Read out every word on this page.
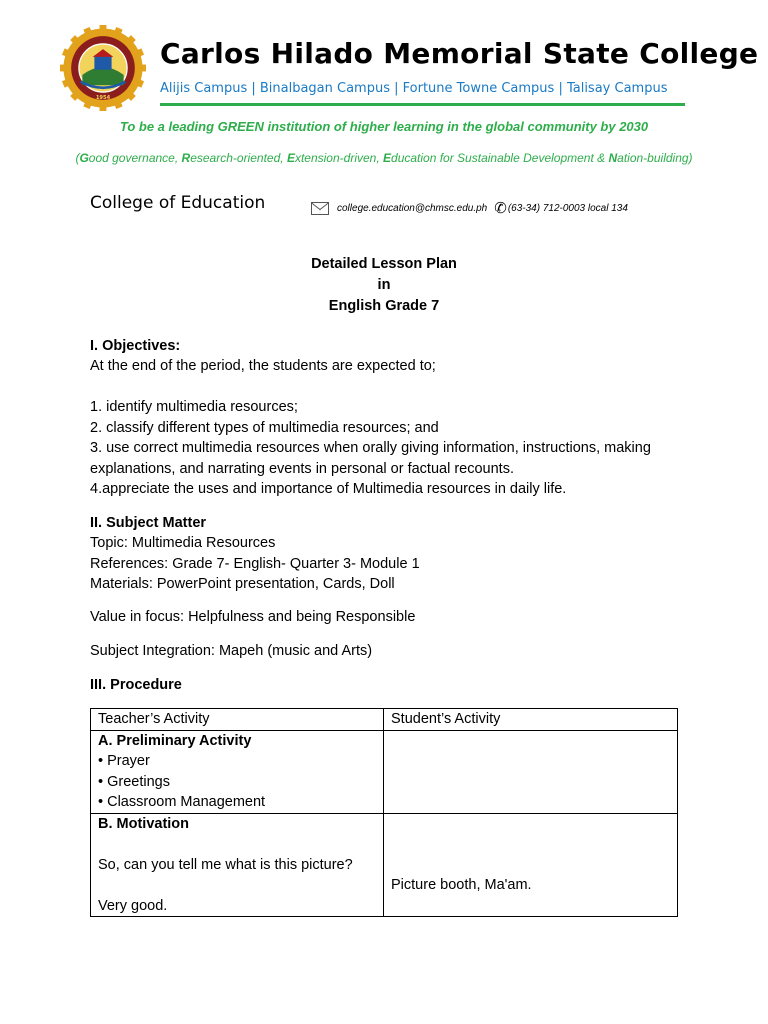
1954
Carlos Hilado Memorial State College
Alijis Campus | Binalbagan Campus | Fortune Towne Campus | Talisay Campus
To be a leading GREEN institution of higher learning in the global community by 2030
(Good governance, Research-oriented, Extension-driven, Education for Sustainable Development & Nation-building)
College of Education	college.education@chmsc.edu.ph ✆ (63-34) 712-0003 local 134
Detailed Lesson Plan
in
English Grade 7
I. Objectives:
At the end of the period, the students are expected to;
1. identify multimedia resources;
2. classify different types of multimedia resources; and
3. use correct multimedia resources when orally giving information, instructions, making explanations, and narrating events in personal or factual recounts.
4.appreciate the uses and importance of Multimedia resources in daily life.
II. Subject Matter
Topic: Multimedia Resources
References: Grade 7- English- Quarter 3- Module 1
Materials: PowerPoint presentation, Cards, Doll
Value in focus: Helpfulness and being Responsible
Subject Integration: Mapeh (music and Arts)
III. Procedure
Teacher’s Activity	Student’s Activity

A. Preliminary Activity
• Prayer
• Greetings
• Classroom Management	

B. Motivation
So, can you tell me what is this picture?
Very good.	Picture booth, Ma'am.
